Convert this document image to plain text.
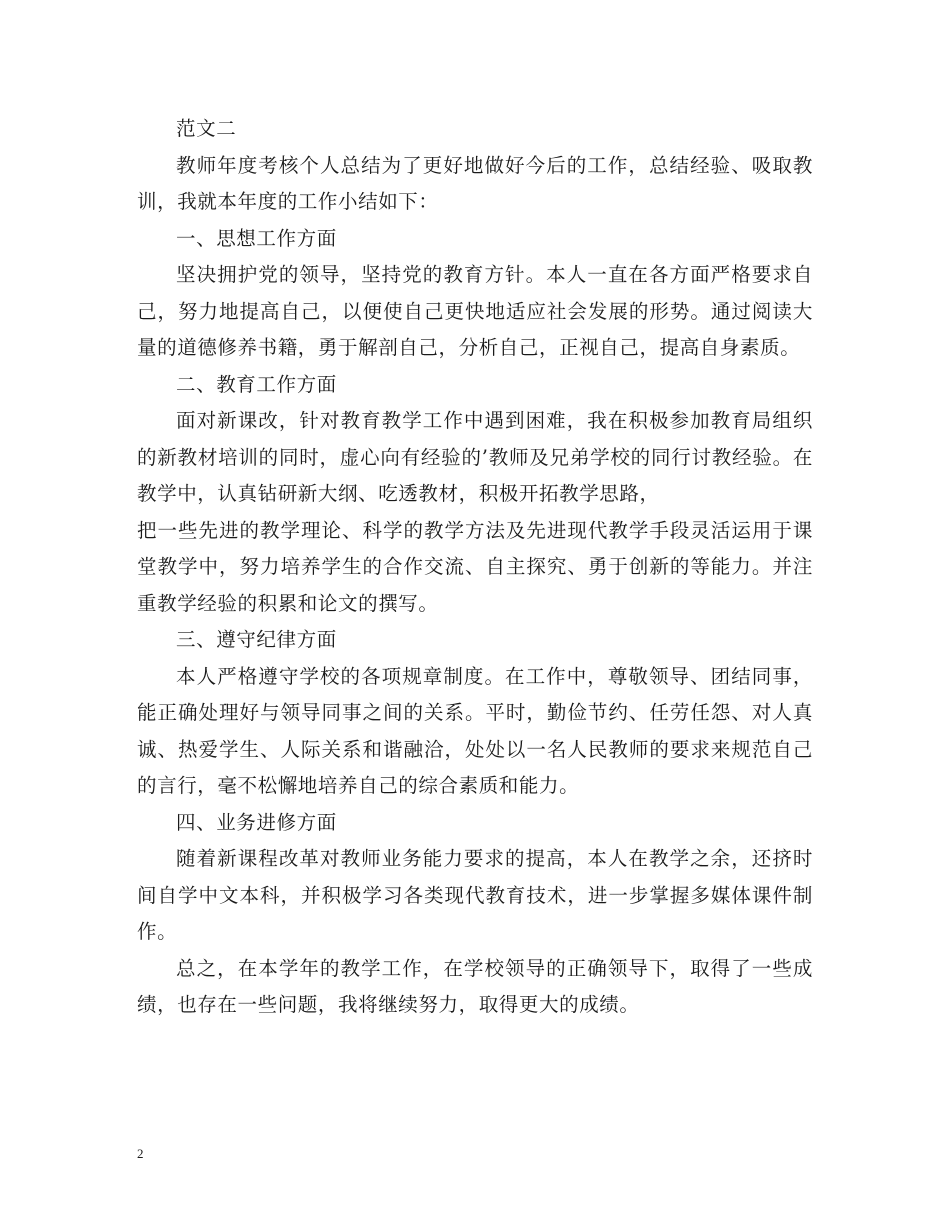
范文二

教师年度考核个人总结为了更好地做好今后的工作，总结经验、吸取教训，我就本年度的工作小结如下：

一、思想工作方面

坚决拥护党的领导，坚持党的教育方针。本人一直在各方面严格要求自己，努力地提高自己，以便使自己更快地适应社会发展的形势。通过阅读大量的道德修养书籍，勇于解剖自己，分析自己，正视自己，提高自身素质。

二、教育工作方面

面对新课改，针对教育教学工作中遇到困难，我在积极参加教育局组织的新教材培训的同时，虚心向有经验的’教师及兄弟学校的同行讨教经验。在教学中，认真钻研新大纲、吃透教材，积极开拓教学思路，

把一些先进的教学理论、科学的教学方法及先进现代教学手段灵活运用于课堂教学中，努力培养学生的合作交流、自主探究、勇于创新的等能力。并注重教学经验的积累和论文的撰写。

三、遵守纪律方面

本人严格遵守学校的各项规章制度。在工作中，尊敬领导、团结同事，能正确处理好与领导同事之间的关系。平时，勤俭节约、任劳任怨、对人真诚、热爱学生、人际关系和谐融洽，处处以一名人民教师的要求来规范自己的言行，毫不松懈地培养自己的综合素质和能力。

四、业务进修方面

随着新课程改革对教师业务能力要求的提高，本人在教学之余，还挤时间自学中文本科，并积极学习各类现代教育技术，进一步掌握多媒体课件制作。

总之，在本学年的教学工作，在学校领导的正确领导下，取得了一些成绩，也存在一些问题，我将继续努力，取得更大的成绩。

2
